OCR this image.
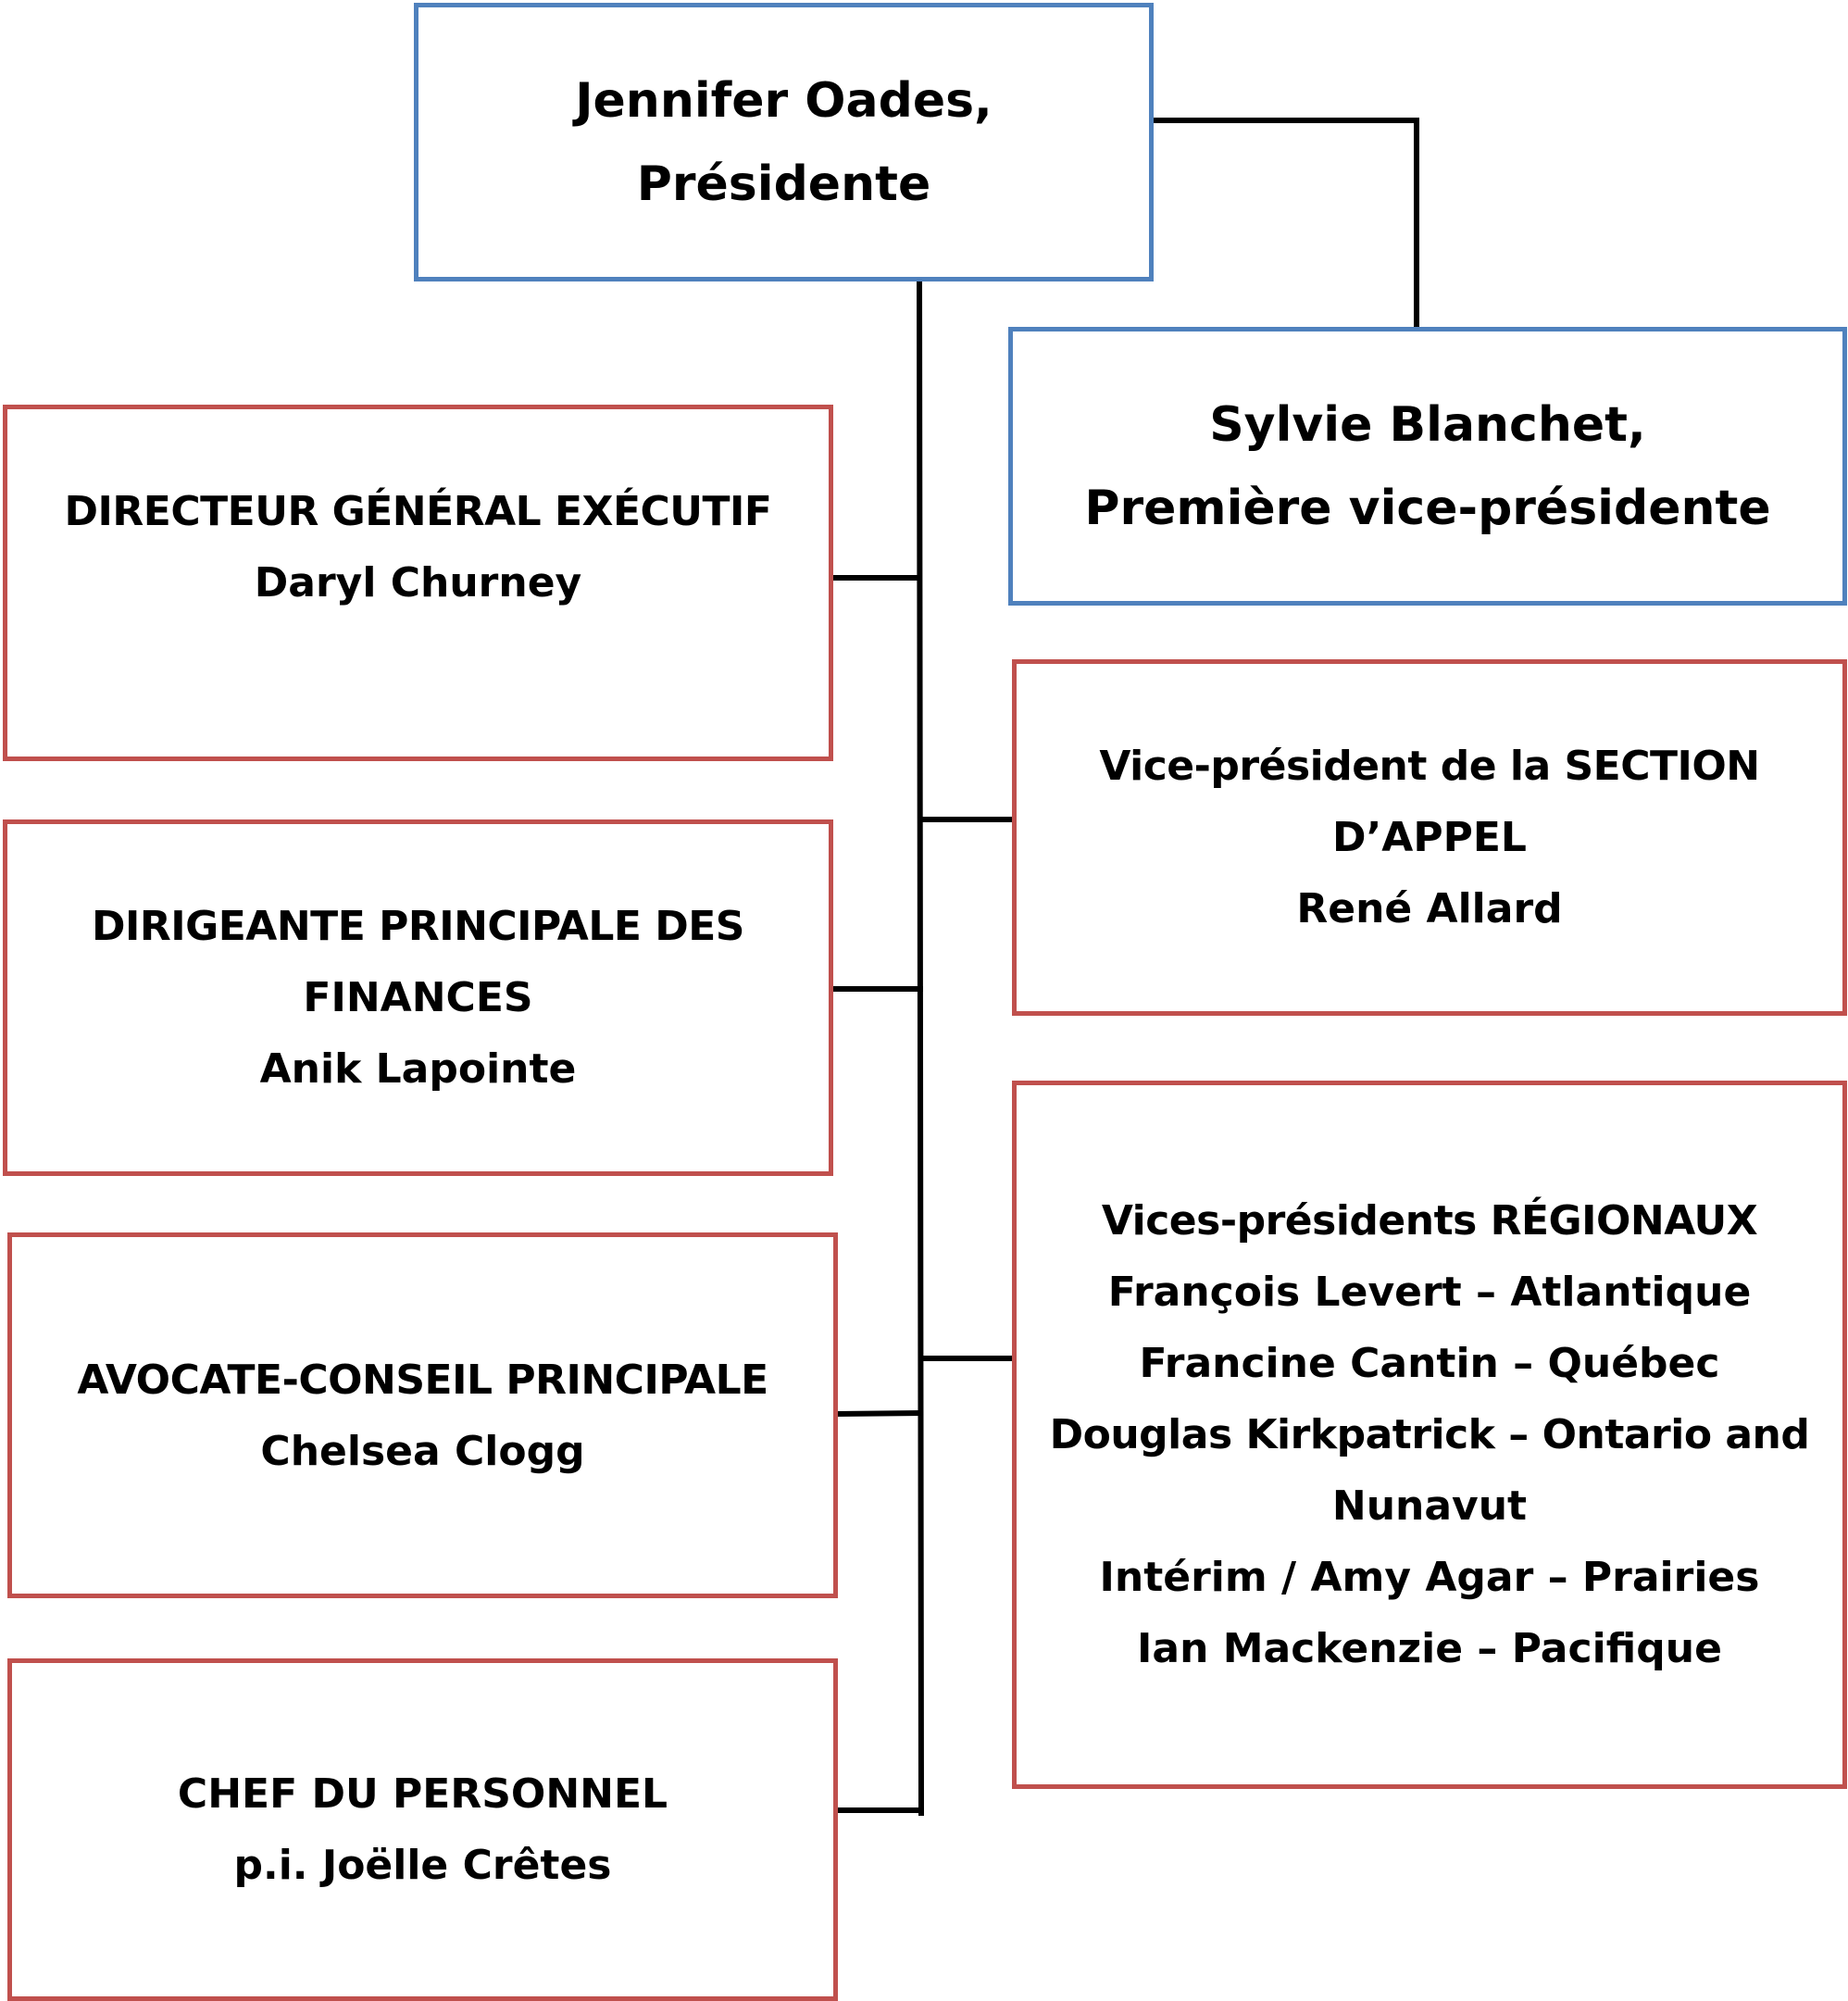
Jennifer Oades,
Présidente
Sylvie Blanchet,
Première vice-présidente
DIRECTEUR GÉNÉRAL EXÉCUTIF
Daryl Churney

DIRIGEANTE PRINCIPALE DES
FINANCES
Anik Lapointe
AVOCATE-CONSEIL PRINCIPALE
Chelsea Clogg
CHEF DU PERSONNEL
p.i. Joëlle Crêtes
Vice-président de la SECTION
D’APPEL
René Allard
Vices-présidents RÉGIONAUX
François Levert – Atlantique
Francine Cantin – Québec
Douglas Kirkpatrick – Ontario and
Nunavut
Intérim / Amy Agar – Prairies
Ian Mackenzie – Pacifique
